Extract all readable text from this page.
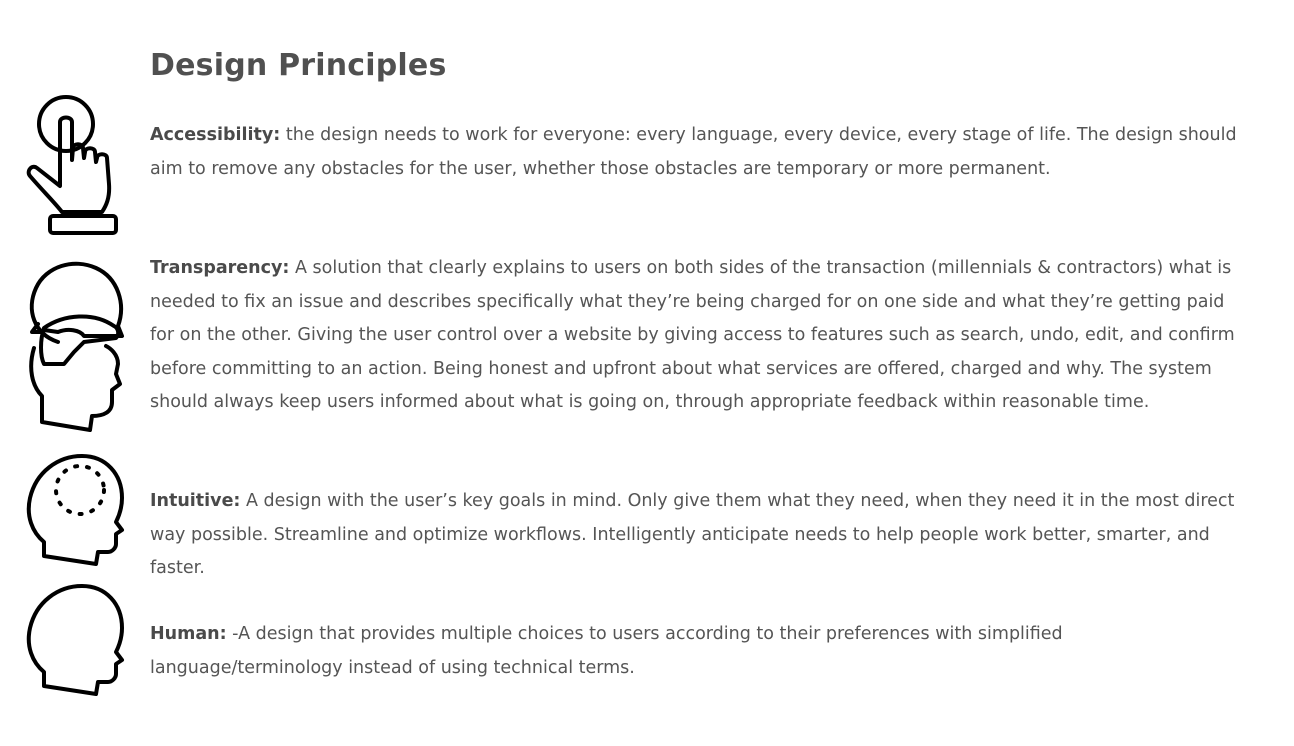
Design Principles

Accessibility: the design needs to work for everyone: every language, every device, every stage of life. The design should aim to remove any obstacles for the user, whether those obstacles are temporary or more permanent.

Transparency: A solution that clearly explains to users on both sides of the transaction (millennials & contractors) what is needed to fix an issue and describes specifically what they’re being charged for on one side and what they’re getting paid for on the other. Giving the user control over a website by giving access to features such as search, undo, edit, and confirm before committing to an action. Being honest and upfront about what services are offered, charged and why. The system should always keep users informed about what is going on, through appropriate feedback within reasonable time.

Intuitive: A design with the user’s key goals in mind. Only give them what they need, when they need it in the most direct way possible. Streamline and optimize workflows. Intelligently anticipate needs to help people work better, smarter, and faster.

Human: -A design that provides multiple choices to users according to their preferences with simplified language/terminology instead of using technical terms.
